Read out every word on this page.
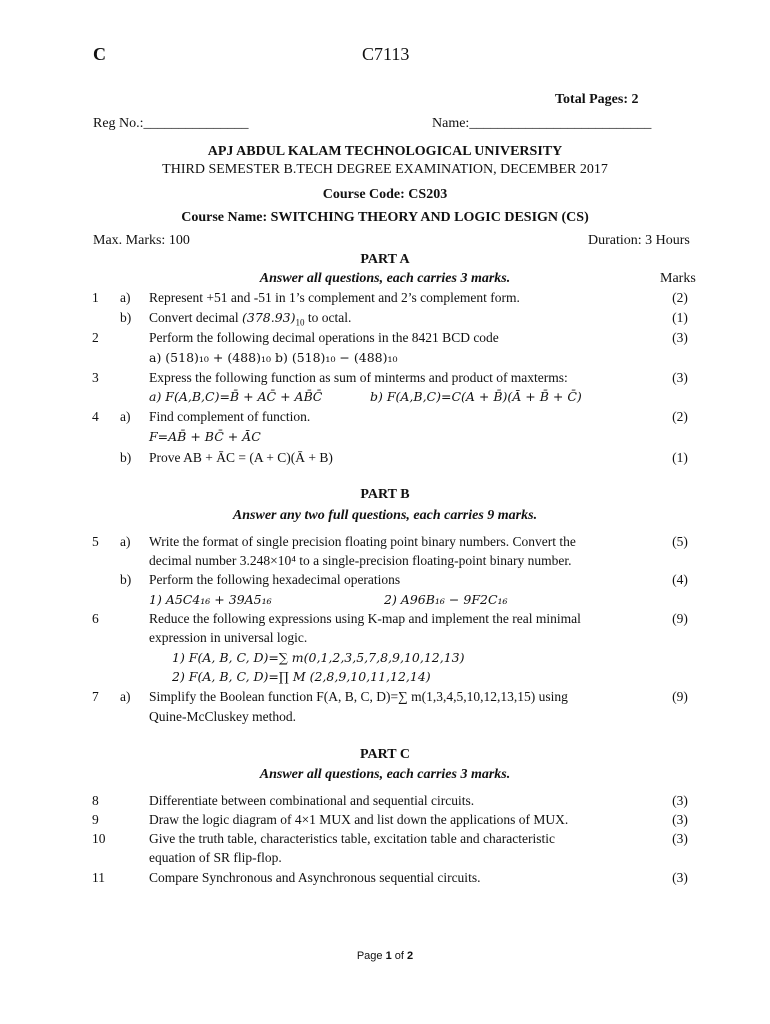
C	C7113
Total Pages: 2
Reg No.:_______________	Name:__________________________
APJ ABDUL KALAM TECHNOLOGICAL UNIVERSITY
THIRD SEMESTER B.TECH DEGREE EXAMINATION, DECEMBER 2017
Course Code: CS203
Course Name: SWITCHING THEORY AND LOGIC DESIGN (CS)
Max. Marks: 100	Duration: 3 Hours
PART A
Answer all questions, each carries 3 marks.	Marks
1 a) Represent +51 and -51 in 1’s complement and 2’s complement form.	(2)
b) Convert decimal $(378.93)_{10}$ to octal.	(1)
2	Perform the following decimal operations in the 8421 BCD code	(3)
a) (518)₁₀ + (488)₁₀ b) (518)₁₀ − (488)₁₀
3	Express the following function as sum of minterms and product of maxterms:	(3)
a) F(A,B,C)=B̄ + AC̄ + AB̄C̄	b) F(A,B,C)=C(A + B̄)(Ā + B̄ + C̄)
4 a) Find complement of function.	(2)
F=AB̄ + BC̄ + ĀC
b) Prove AB + ĀC = (A + C)(Ā + B)	(1)
PART B
Answer any two full questions, each carries 9 marks.
5 a) Write the format of single precision floating point binary numbers. Convert the	(5)
decimal number 3.248×10⁴ to a single-precision floating-point binary number.
b) Perform the following hexadecimal operations	(4)
1) A5C4₁₆ + 39A5₁₆	2) A96B₁₆ − 9F2C₁₆
6	Reduce the following expressions using K-map and implement the real minimal	(9)
expression in universal logic.
1) F(A, B, C, D)=∑ m(0,1,2,3,5,7,8,9,10,12,13)
2) F(A, B, C, D)=∏ M (2,8,9,10,11,12,14)
7 a) Simplify the Boolean function F(A, B, C, D)=∑ m(1,3,4,5,10,12,13,15) using	(9)
Quine-McCluskey method.
PART C
Answer all questions, each carries 3 marks.
8	Differentiate between combinational and sequential circuits.	(3)
9	Draw the logic diagram of 4×1 MUX and list down the applications of MUX.	(3)
10	Give the truth table, characteristics table, excitation table and characteristic	(3)
equation of SR flip-flop.
11	Compare Synchronous and Asynchronous sequential circuits.	(3)
Page 1 of 2
